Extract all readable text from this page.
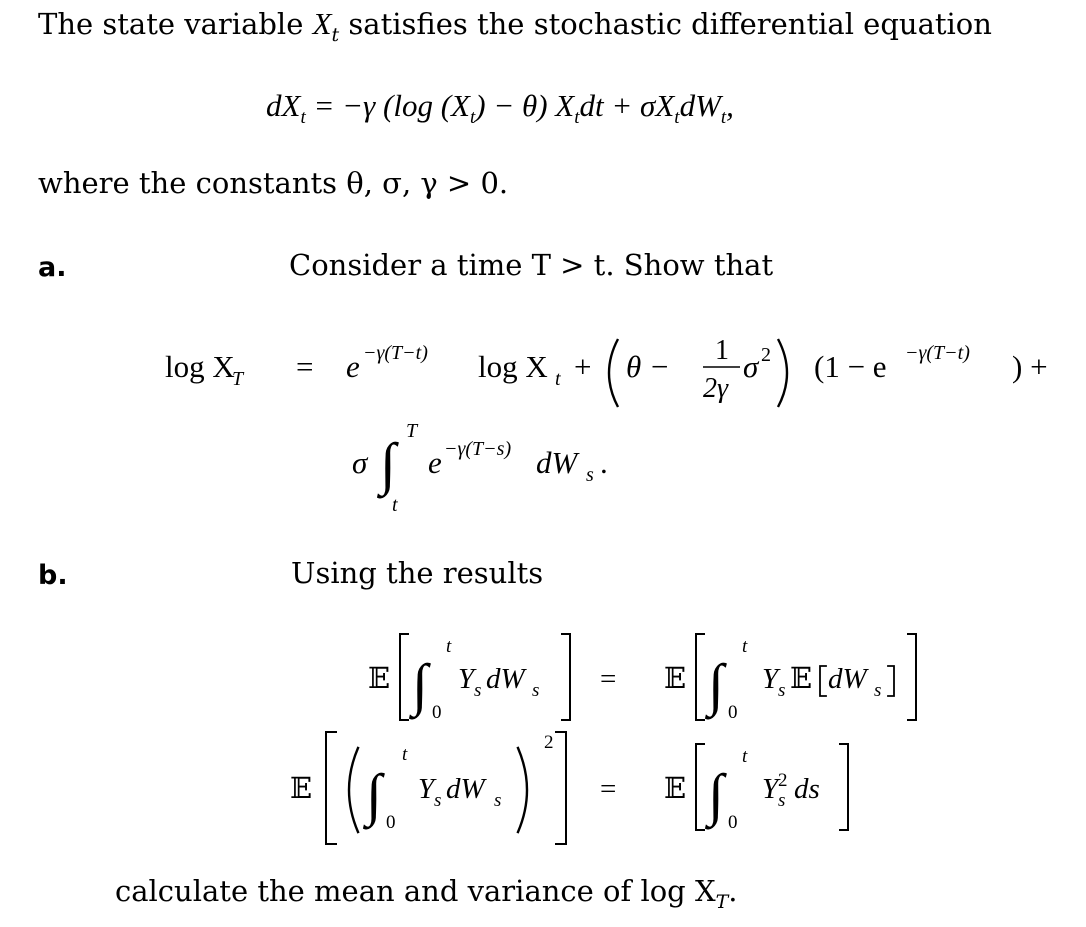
The state variable $X_t$ satisfies the stochastic differential equation
$dX_t = -\gamma$ (log $(X_t) - \theta$) $X_tdt + \sigma X_tdW_t$,
where the constants θ, σ, γ > 0.
a.	Consider a time T > t. Show that
log X
T = e −γ(T−t) log X t + θ − 1
2γ
σ 2 (1 − e −γ(T−t) ) +
σ ∫ T
t
e −γ(T−s) dW s .
b.	Using the results
𝔼 ∫
t
0
Y s dW s = 𝔼 ∫
t
0
Y s 𝔼 dW s
𝔼 ∫
t
0
Y s dW s
2
= 𝔼 ∫
t
0
Y 2
s ds
calculate the mean and variance of $\log X_T$.
